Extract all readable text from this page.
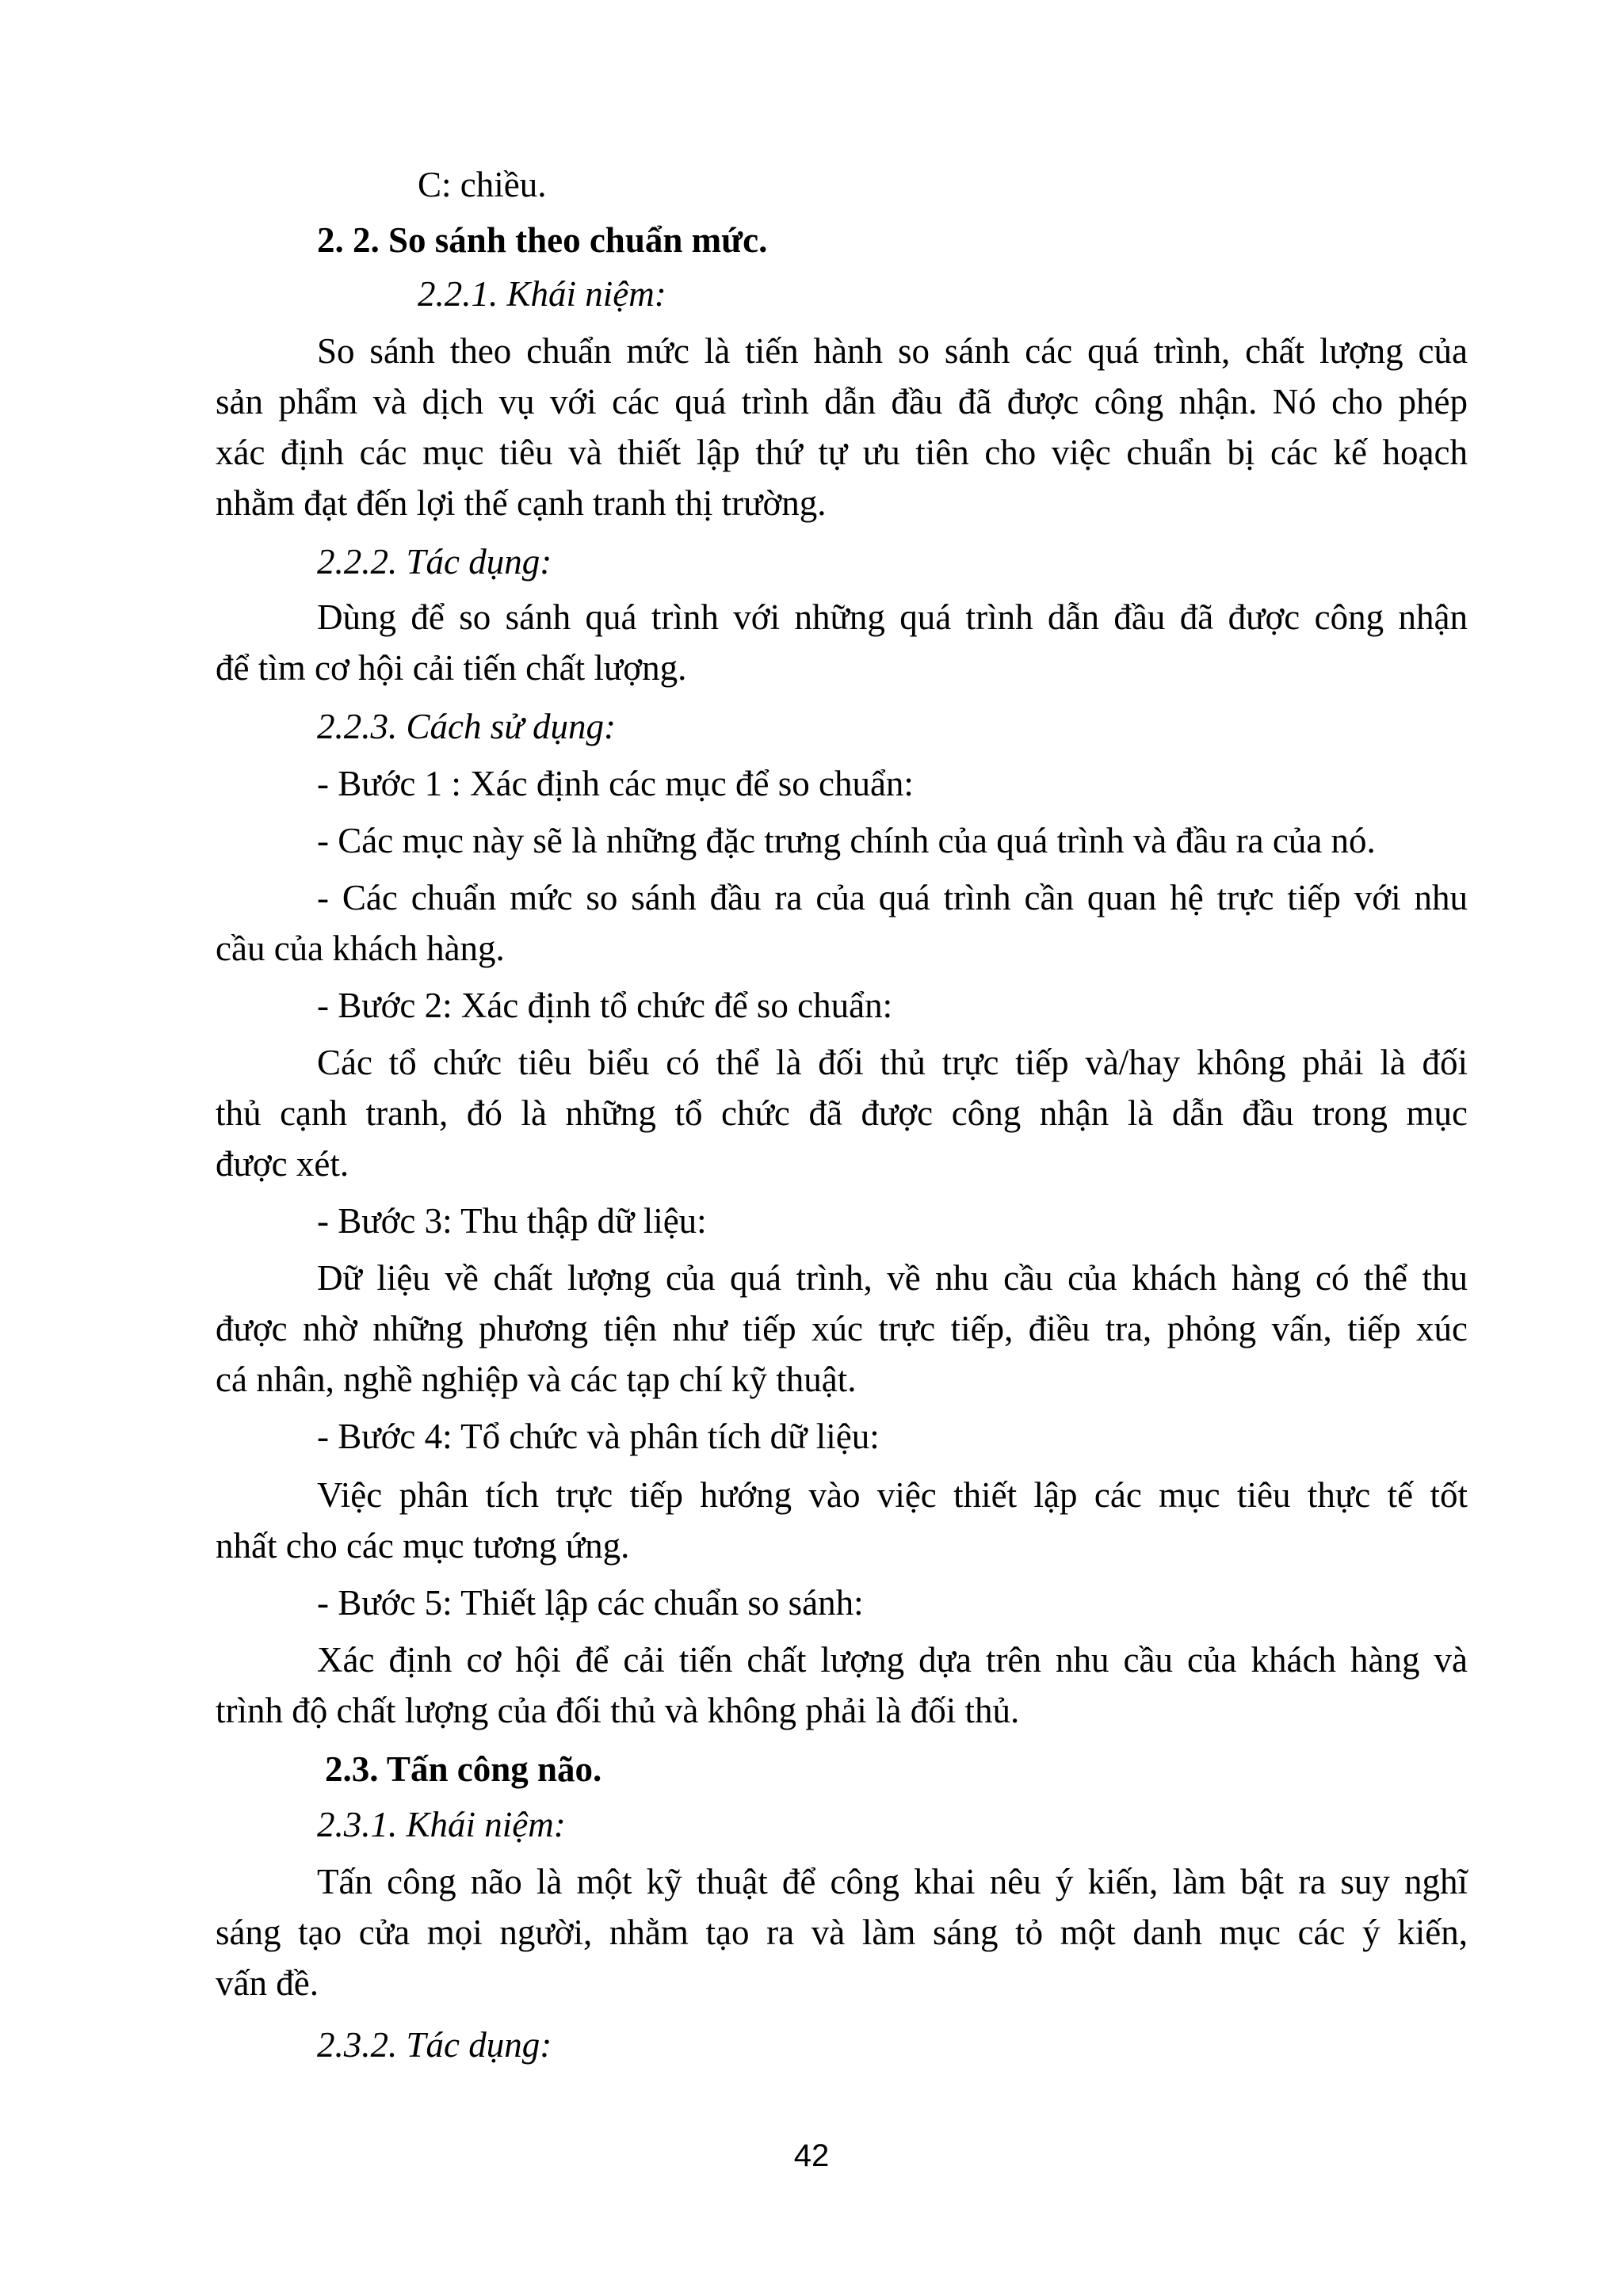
C: chiều.

2. 2. So sánh theo chuẩn mức.

2.2.1. Khái niệm:

So sánh theo chuẩn mức là tiến hành so sánh các quá trình, chất lượng của

sản phẩm và dịch vụ với các quá trình dẫn đầu đã được công nhận. Nó cho phép

xác định các mục tiêu và thiết lập thứ tự ưu tiên cho việc chuẩn bị các kế hoạch

nhằm đạt đến lợi thế cạnh tranh thị trường.

2.2.2. Tác dụng:

Dùng để so sánh quá trình với những quá trình dẫn đầu đã được công nhận

để tìm cơ hội cải tiến chất lượng.

2.2.3. Cách sử dụng:

- Bước 1 : Xác định các mục để so chuẩn:

- Các mục này sẽ là những đặc trưng chính của quá trình và đầu ra của nó.

- Các chuẩn mức so sánh đầu ra của quá trình cần quan hệ trực tiếp với nhu

cầu của khách hàng.

- Bước 2: Xác định tổ chức để so chuẩn:

Các tổ chức tiêu biểu có thể là đối thủ trực tiếp và/hay không phải là đối

thủ cạnh tranh, đó là những tổ chức đã được công nhận là dẫn đầu trong mục

được xét.

- Bước 3: Thu thập dữ liệu:

Dữ liệu về chất lượng của quá trình, về nhu cầu của khách hàng có thể thu

được nhờ những phương tiện như tiếp xúc trực tiếp, điều tra, phỏng vấn, tiếp xúc

cá nhân, nghề nghiệp và các tạp chí kỹ thuật.

- Bước 4: Tổ chức và phân tích dữ liệu:

Việc phân tích trực tiếp hướng vào việc thiết lập các mục tiêu thực tế tốt

nhất cho các mục tương ứng.

- Bước 5: Thiết lập các chuẩn so sánh:

Xác định cơ hội để cải tiến chất lượng dựa trên nhu cầu của khách hàng và

trình độ chất lượng của đối thủ và không phải là đối thủ.

2.3. Tấn công não.

2.3.1. Khái niệm:

Tấn công não là một kỹ thuật để công khai nêu ý kiến, làm bật ra suy nghĩ

sáng tạo cửa mọi người, nhằm tạo ra và làm sáng tỏ một danh mục các ý kiến,

vấn đề.

2.3.2. Tác dụng:

42
